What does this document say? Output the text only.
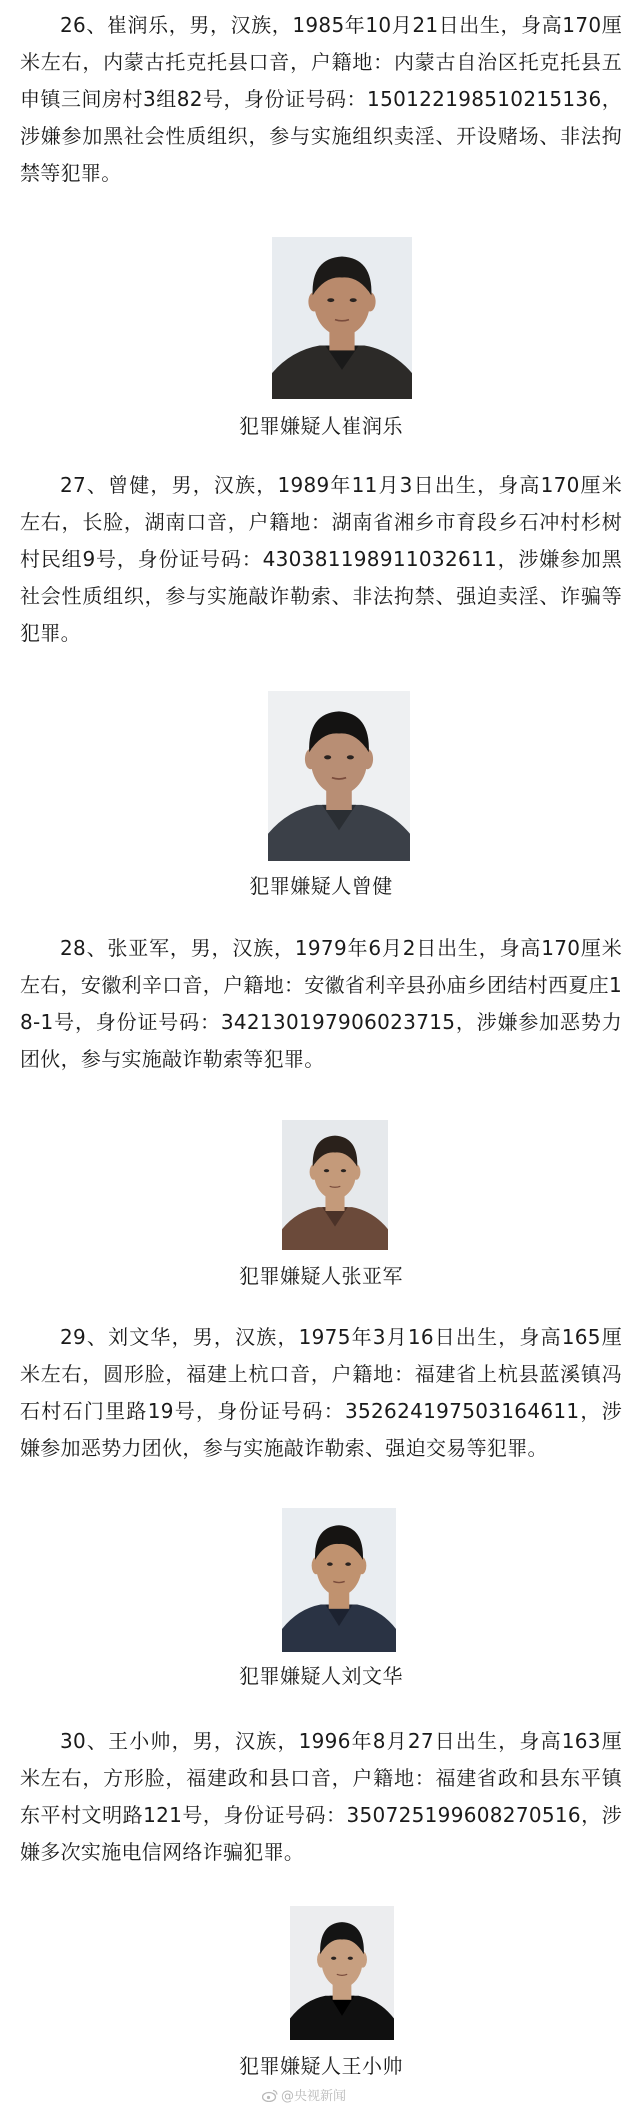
26、崔润乐，男，汉族，1985年10月21日出生，身高170厘米左右，内蒙古托克托县口音，户籍地：内蒙古自治区托克托县五申镇三间房村3组82号，身份证号码：150122198510215136，涉嫌参加黑社会性质组织，参与实施组织卖淫、开设赌场、非法拘禁等犯罪。

犯罪嫌疑人崔润乐

27、曾健，男，汉族，1989年11月3日出生，身高170厘米左右，长脸，湖南口音，户籍地：湖南省湘乡市育段乡石冲村杉树村民组9号，身份证号码：430381198911032611，涉嫌参加黑社会性质组织，参与实施敲诈勒索、非法拘禁、强迫卖淫、诈骗等犯罪。

犯罪嫌疑人曾健

28、张亚军，男，汉族，1979年6月2日出生，身高170厘米左右，安徽利辛口音，户籍地：安徽省利辛县孙庙乡团结村西夏庄18-1号，身份证号码：342130197906023715，涉嫌参加恶势力团伙，参与实施敲诈勒索等犯罪。

犯罪嫌疑人张亚军

29、刘文华，男，汉族，1975年3月16日出生，身高165厘米左右，圆形脸，福建上杭口音，户籍地：福建省上杭县蓝溪镇冯石村石门里路19号，身份证号码：352624197503164611，涉嫌参加恶势力团伙，参与实施敲诈勒索、强迫交易等犯罪。

犯罪嫌疑人刘文华

30、王小帅，男，汉族，1996年8月27日出生，身高163厘米左右，方形脸，福建政和县口音，户籍地：福建省政和县东平镇东平村文明路121号，身份证号码：350725199608270516，涉嫌多次实施电信网络诈骗犯罪。

犯罪嫌疑人王小帅
@央视新闻
